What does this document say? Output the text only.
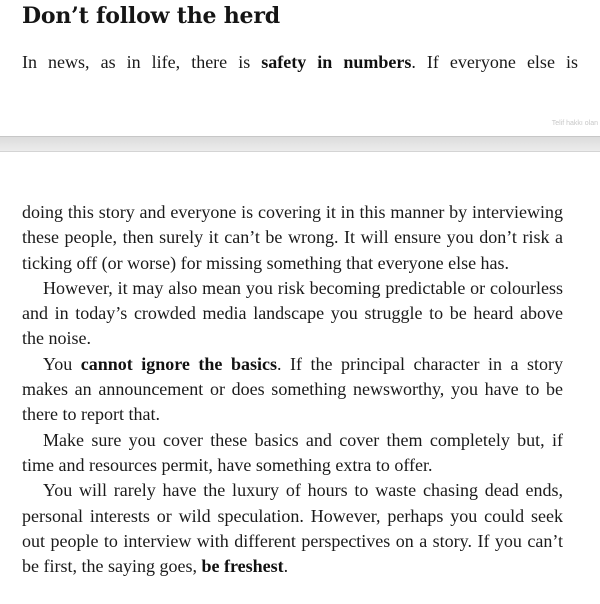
Don’t follow the herd

In news, as in life, there is safety in numbers. If everyone else is

Telif hakkı olan

doing this story and everyone is covering it in this manner by interviewing these people, then surely it can’t be wrong. It will ensure you don’t risk a ticking off (or worse) for missing something that everyone else has.

However, it may also mean you risk becoming predictable or colourless and in today’s crowded media landscape you struggle to be heard above the noise.

You cannot ignore the basics. If the principal character in a story makes an announcement or does something newsworthy, you have to be there to report that.

Make sure you cover these basics and cover them completely but, if time and resources permit, have something extra to offer.

You will rarely have the luxury of hours to waste chasing dead ends, personal interests or wild speculation. However, perhaps you could seek out people to interview with different perspectives on a story. If you can’t be first, the saying goes, be freshest.
